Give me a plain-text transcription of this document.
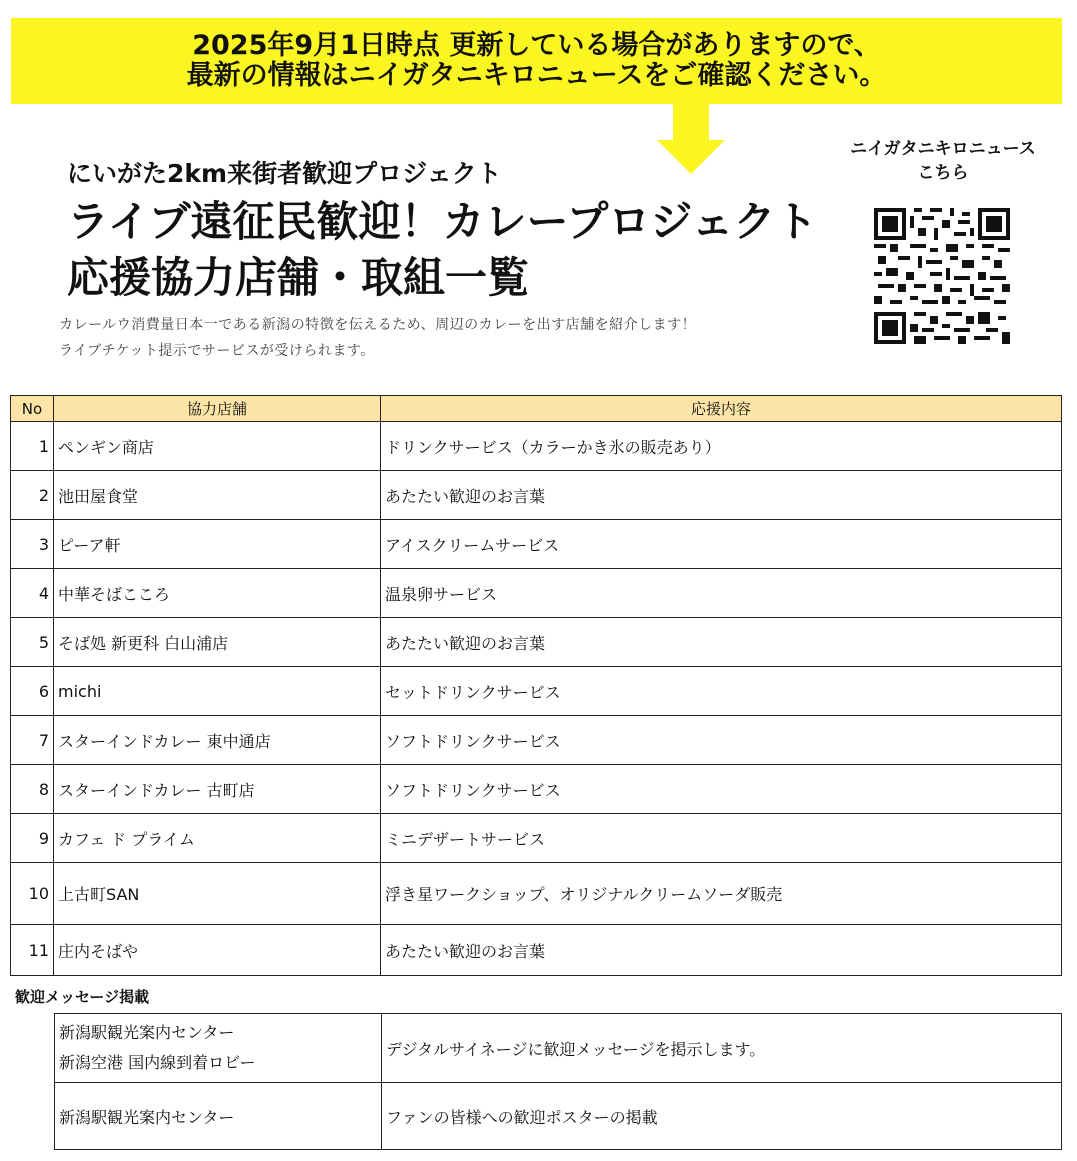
2025年9月1日時点 更新している場合がありますので、
最新の情報はニイガタニキロニュースをご確認ください。
にいがた2km来街者歓迎プロジェクト
ライブ遠征民歓迎！カレープロジェクト
応援協力店舗・取組一覧
カレールウ消費量日本一である新潟の特徴を伝えるため、周辺のカレーを出す店舗を紹介します！
ライブチケット提示でサービスが受けられます。
ニイガタニキロニュース
こちら
No	協力店舗	応援内容
1	ペンギン商店	ドリンクサービス（カラーかき氷の販売あり）
2	池田屋食堂	あたたい歓迎のお言葉
3	ピーア軒	アイスクリームサービス
4	中華そばこころ	温泉卵サービス
5	そば処 新更科 白山浦店	あたたい歓迎のお言葉
6	michi	セットドリンクサービス
7	スターインドカレー 東中通店	ソフトドリンクサービス
8	スターインドカレー 古町店	ソフトドリンクサービス
9	カフェ ド プライム	ミニデザートサービス
10	上古町SAN	浮き星ワークショップ、オリジナルクリームソーダ販売
11	庄内そばや	あたたい歓迎のお言葉
歓迎メッセージ掲載
新潟駅観光案内センター
新潟空港 国内線到着ロビー	デジタルサイネージに歓迎メッセージを掲示します。
新潟駅観光案内センター	ファンの皆様への歓迎ポスターの掲載
